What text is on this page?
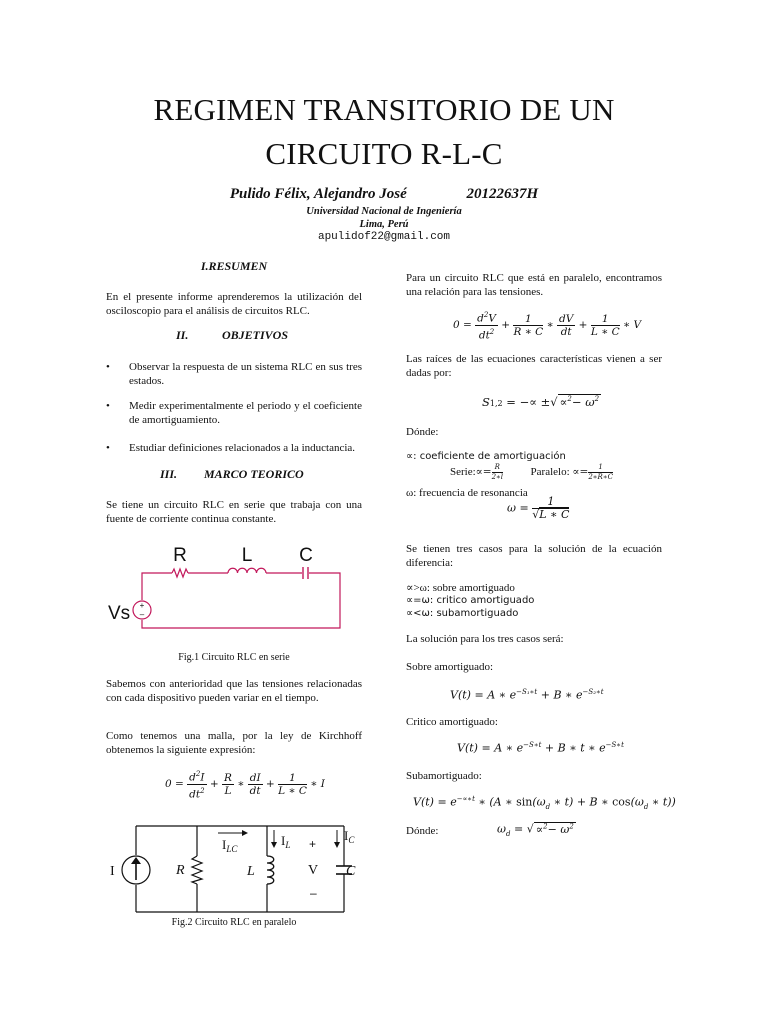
REGIMEN TRANSITORIO DE UN
CIRCUITO R-L-C
Pulido Félix, Alejandro José	20122637H
Universidad Nacional de Ingeniería
Lima, Perú
apulidof22@gmail.com
I.RESUMEN
En el presente informe aprenderemos la utilización del osciloscopio para el análisis de circuitos RLC.
II.	OBJETIVOS
• Observar la respuesta de un sistema RLC en sus tres estados.
• Medir experimentalmente el periodo y el coeficiente de amortiguamiento.
• Estudiar definiciones relacionados a la inductancia.
III. MARCO TEORICO
Se tiene un circuito RLC en serie que trabaja con una fuente de corriente continua constante.
+
–
R	L C
Vs
Fig.1 Circuito RLC en serie
Sabemos con anterioridad que las tensiones relacionadas con cada dispositivo pueden variar en el tiempo.
Como tenemos una malla, por la ley de Kirchhoff obtenemos la siguiente expresión:
$0 = \frac{d^2I}{dt^2} + \frac{R}{L}$ ∗ $\frac{dI}{dt} + \frac{1}{L ∗ C}$ ∗ I
I	R	L	C
$I_{LC}$
$I_L$
$I_C$
+
V
–
Fig.2 Circuito RLC en paralelo
Para un circuito RLC que está en paralelo, encontramos una relación para las tensiones.
$0 = \frac{d^2V}{dt^2} + \frac{1}{R ∗ C}$ ∗ $\frac{dV}{dt} + \frac{1}{L ∗ C}$ ∗ V
Las raíces de las ecuaciones características vienen a ser dadas por:
S1,2 = −∝ ±√ $\propto^2- \omega^2$
Dónde:
∝: coeficiente de amortiguación
Serie:∝= $\frac{R}{2∗l}$	Paralelo: ∝= $\frac{1}{2∗R∗C}$
ω: frecuencia de resonancia
$\omega = \frac{1}{√L ∗ C}$
Se tienen tres casos para la solución de la ecuación diferencia:
∝>ω: sobre amortiguado
∝=ω: critico amortiguado
∝<ω: subamortiguado
La solución para los tres casos será:
Sobre amortiguado:
V(t) = A ∗ $e^{-S_1∗t} + B$ ∗ $e^{-S_2∗t}$
Critico amortiguado:
V(t) = A ∗ $e^{-S∗t} + B$ ∗ t ∗ $e^{-S∗t}$
Subamortiguado:
$V(t) = e^{-\propto∗t}$ ∗ (A ∗ $\sin(\omega_d$ ∗ t) + B ∗ $\cos(\omega_d$ ∗ t))
Dónde:	$\omega_d$ = √ $\propto^2- \omega^2$
